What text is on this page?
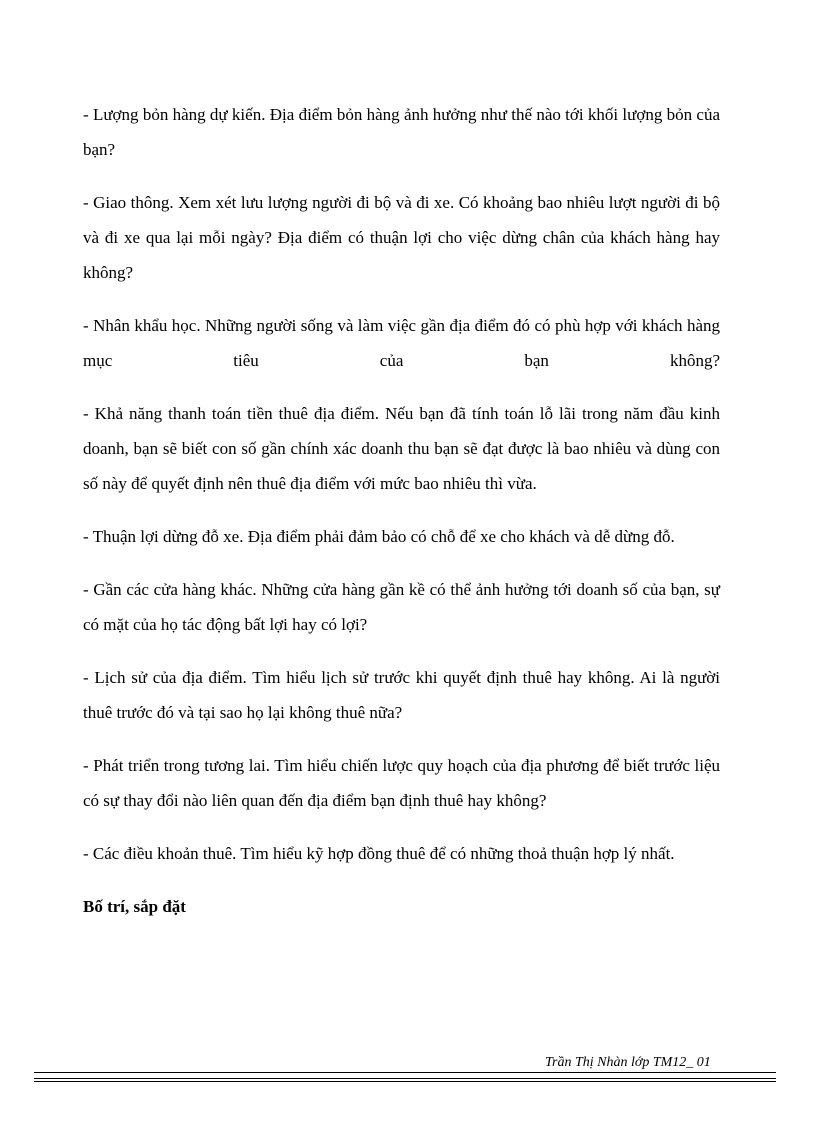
- Lượng bỏn hàng dự kiến. Địa điểm bỏn hàng ảnh hưởng như thế nào tới khối lượng bỏn của bạn?

- Giao thông. Xem xét lưu lượng người đi bộ và đi xe. Có khoảng bao nhiêu lượt người đi bộ và đi xe qua lại mỗi ngày? Địa điểm có thuận lợi cho việc dừng chân của khách hàng hay không?

- Nhân khẩu học. Những người sống và làm việc gần địa điểm đó có phù hợp với khách hàng mục tiêu của bạn không?

- Khả năng thanh toán tiền thuê địa điểm. Nếu bạn đã tính toán lỗ lãi trong năm đầu kinh doanh, bạn sẽ biết con số gần chính xác doanh thu bạn sẽ đạt được là bao nhiêu và dùng con số này để quyết định nên thuê địa điểm với mức bao nhiêu thì vừa.

- Thuận lợi dừng đỗ xe. Địa điểm phải đảm bảo có chỗ để xe cho khách và dễ dừng đỗ.

- Gần các cửa hàng khác. Những cửa hàng gần kề có thể ảnh hưởng tới doanh số của bạn, sự có mặt của họ tác động bất lợi hay có lợi?

- Lịch sử của địa điểm. Tìm hiểu lịch sử trước khi quyết định thuê hay không. Ai là người thuê trước đó và tại sao họ lại không thuê nữa?

- Phát triển trong tương lai. Tìm hiểu chiến lược quy hoạch của địa phương để biết trước liệu có sự thay đổi nào liên quan đến địa điểm bạn định thuê hay không?

- Các điều khoản thuê. Tìm hiểu kỹ hợp đồng thuê để có những thoả thuận hợp lý nhất.

Bố trí, sắp đặt
Trần Thị Nhàn lớp TM12_ 01
